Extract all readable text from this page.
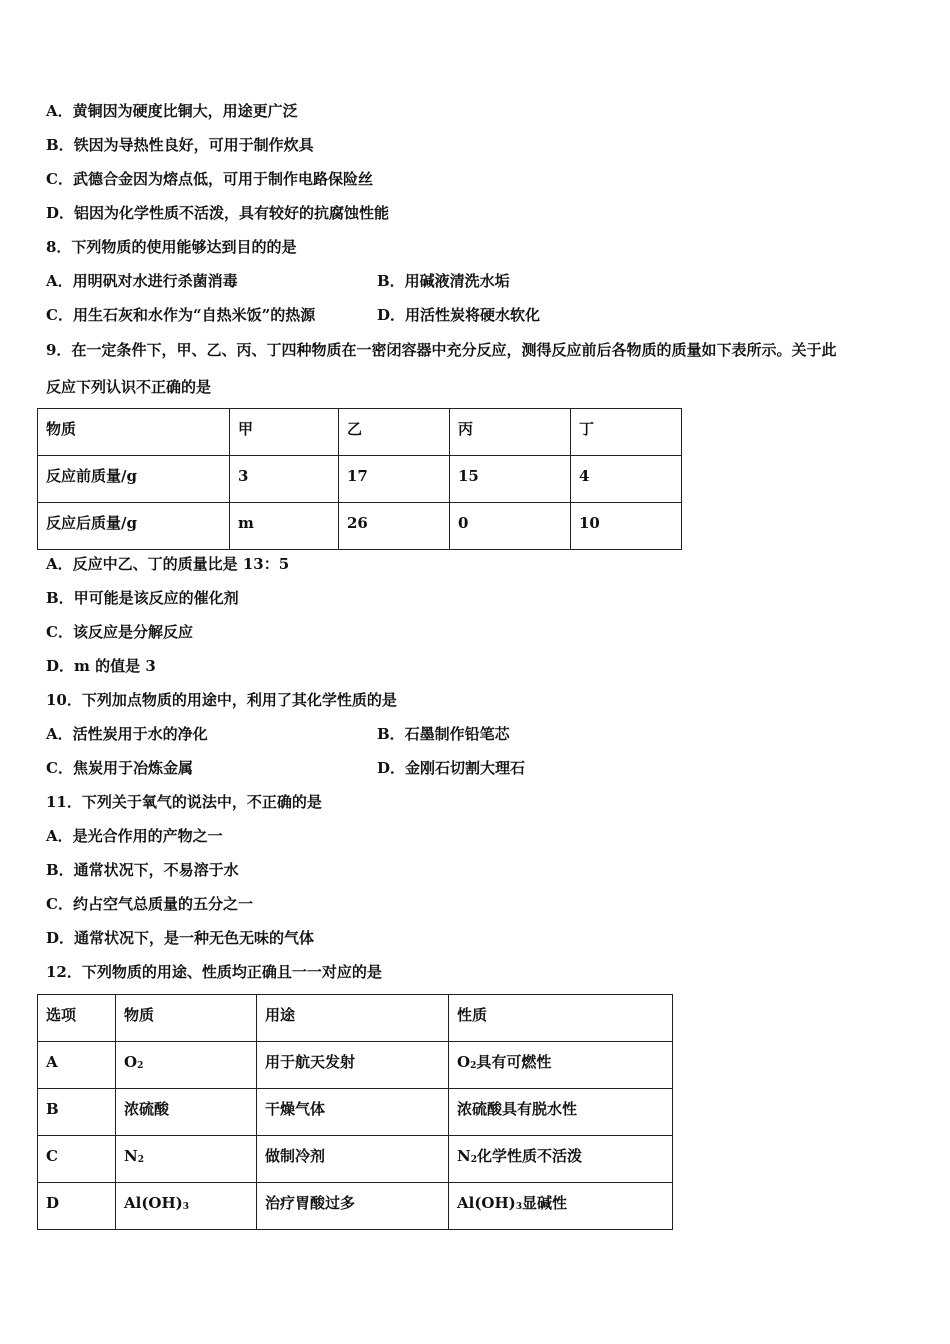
A．黄铜因为硬度比铜大，用途更广泛
B．铁因为导热性良好，可用于制作炊具
C．武德合金因为熔点低，可用于制作电路保险丝
D．铝因为化学性质不活泼，具有较好的抗腐蚀性能
8．下列物质的使用能够达到目的的是
A．用明矾对水进行杀菌消毒	B．用碱液清洗水垢
C．用生石灰和水作为“自热米饭”的热源	D．用活性炭将硬水软化
9．在一定条件下，甲、乙、丙、丁四种物质在一密闭容器中充分反应，测得反应前后各物质的质量如下表所示。关于此
反应下列认识不正确的是
物质	甲	乙	丙	丁

反应前质量/g	3	17	15	4

反应后质量/g	m	26	0	10
A．反应中乙、丁的质量比是 13：5
B．甲可能是该反应的催化剂
C．该反应是分解反应
D．m 的值是 3
10．下列加点物质的用途中，利用了其化学性质的是
A．活性炭用于水的净化	B．石墨制作铅笔芯
C．焦炭用于冶炼金属	D．金刚石切割大理石
11．下列关于氧气的说法中，不正确的是
A．是光合作用的产物之一
B．通常状况下，不易溶于水
C．约占空气总质量的五分之一
D．通常状况下，是一种无色无味的气体
12．下列物质的用途、性质均正确且一一对应的是
选项	物质	用途	性质

A	$O_2$	用于航天发射	$O_2$具有可燃性

B	浓硫酸	干燥气体	浓硫酸具有脱水性

C	$N_2$	做制冷剂	$N_2$化学性质不活泼

D	$Al(OH)_3$	治疗胃酸过多	$Al(OH)_3$显碱性
